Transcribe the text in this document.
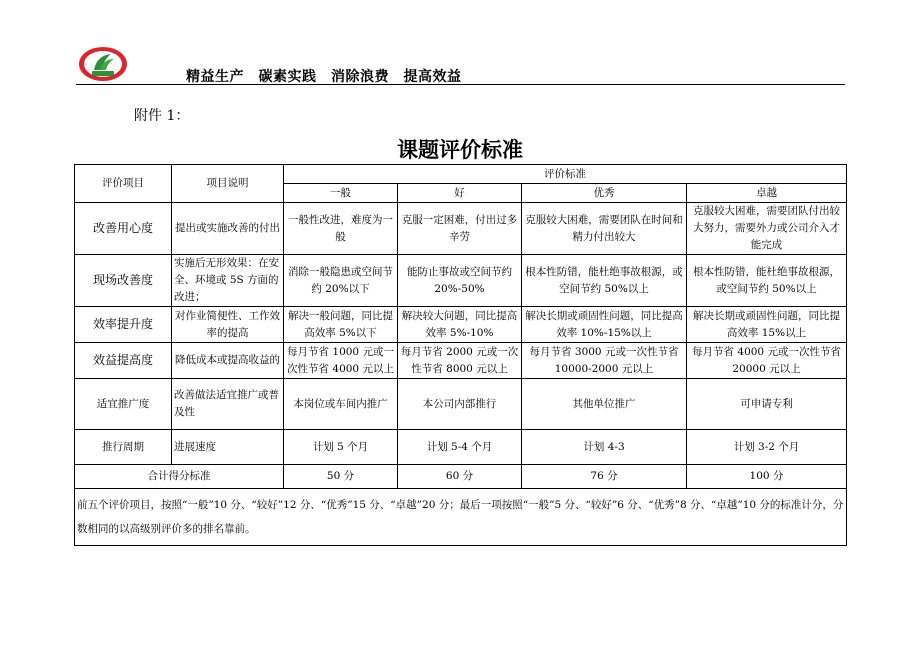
精益生产　碳素实践　消除浪费　提高效益
附件 1：
课题评价标准
评价项目	项目说明	评价标准			
		一般	好	优秀	卓越
改善用心度	提出或实施改善的付出	一般性改进，难度为一般	克服一定困难，付出过多辛劳	克服较大困难，需要团队在时间和精力付出较大	克服较大困难，需要团队付出较大努力，需要外力或公司介入才能完成
现场改善度	实施后无形效果：在安全、环境或 5S 方面的改进；	消除一般隐患或空间节约 20%以下	能防止事故或空间节约 20%-50%	根本性防错，能杜绝事故根源，或空间节约 50%以上	根本性防错，能杜绝事故根源，或空间节约 50%以上
效率提升度	对作业简便性、工作效率的提高	解决一般问题，同比提高效率 5%以下	解决较大问题，同比提高效率 5%-10%	解决长期或顽固性问题，同比提高效率 10%-15%以上	解决长期或顽固性问题，同比提高效率 15%以上
效益提高度	降低成本或提高收益的	每月节省 1000 元或一次性节省 4000 元以上	每月节省 2000 元或一次性节省 8000 元以上	每月节省 3000 元或一次性节省 10000-2000 元以上	每月节省 4000 元或一次性节省 20000 元以上
适宜推广度	改善做法适宜推广或普及性	本岗位或车间内推广	本公司内部推行	其他单位推广	可申请专利
推行周期	进展速度	计划 5 个月	计划 5-4 个月	计划 4-3	计划 3-2 个月
合计得分标准		50 分	60 分	76 分	100 分
前五个评价项目，按照“一般”10 分、“较好”12 分、“优秀”15 分、“卓越”20 分；最后一项按照“一般”5 分、“较好”6 分、“优秀”8 分、“卓越”10 分的标准计分，分数相同的以高级别评价多的排名靠前。					
